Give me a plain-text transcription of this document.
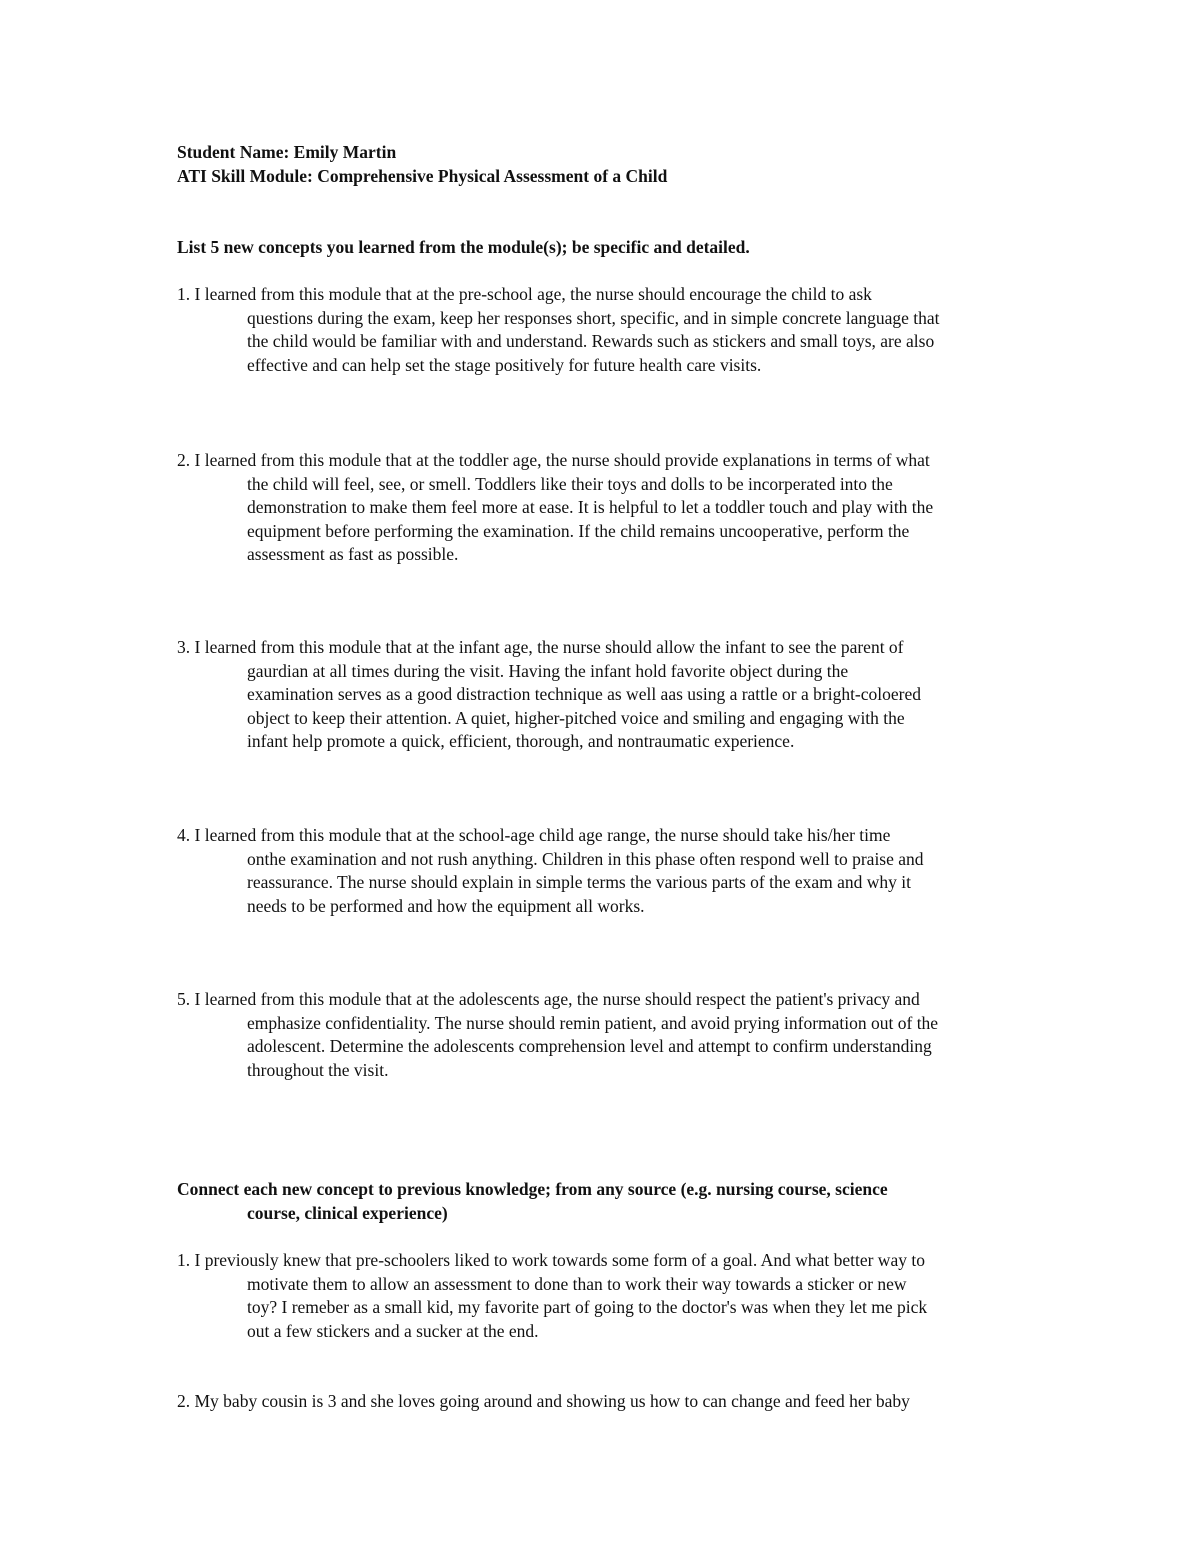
Student Name: Emily Martin
ATI Skill Module: Comprehensive Physical Assessment of a Child
List 5 new concepts you learned from the module(s); be specific and detailed.
1. I learned from this module that at the pre-school age, the nurse should encourage the child to ask
questions during the exam, keep her responses short, specific, and in simple concrete language that
the child would be familiar with and understand. Rewards such as stickers and small toys, are also
effective and can help set the stage positively for future health care visits.
2. I learned from this module that at the toddler age, the nurse should provide explanations in terms of what
the child will feel, see, or smell. Toddlers like their toys and dolls to be incorperated into the
demonstration to make them feel more at ease. It is helpful to let a toddler touch and play with the
equipment before performing the examination. If the child remains uncooperative, perform the
assessment as fast as possible.
3. I learned from this module that at the infant age, the nurse should allow the infant to see the parent of
gaurdian at all times during the visit. Having the infant hold favorite object during the
examination serves as a good distraction technique as well aas using a rattle or a bright-coloered
object to keep their attention. A quiet, higher-pitched voice and smiling and engaging with the
infant help promote a quick, efficient, thorough, and nontraumatic experience.
4. I learned from this module that at the school-age child age range, the nurse should take his/her time
onthe examination and not rush anything. Children in this phase often respond well to praise and
reassurance. The nurse should explain in simple terms the various parts of the exam and why it
needs to be performed and how the equipment all works.
5. I learned from this module that at the adolescents age, the nurse should respect the patient's privacy and
emphasize confidentiality. The nurse should remin patient, and avoid prying information out of the
adolescent. Determine the adolescents comprehension level and attempt to confirm understanding
throughout the visit.
Connect each new concept to previous knowledge; from any source (e.g. nursing course, science
course, clinical experience)
1. I previously knew that pre-schoolers liked to work towards some form of a goal. And what better way to
motivate them to allow an assessment to done than to work their way towards a sticker or new
toy? I remeber as a small kid, my favorite part of going to the doctor's was when they let me pick
out a few stickers and a sucker at the end.
2. My baby cousin is 3 and she loves going around and showing us how to can change and feed her baby
